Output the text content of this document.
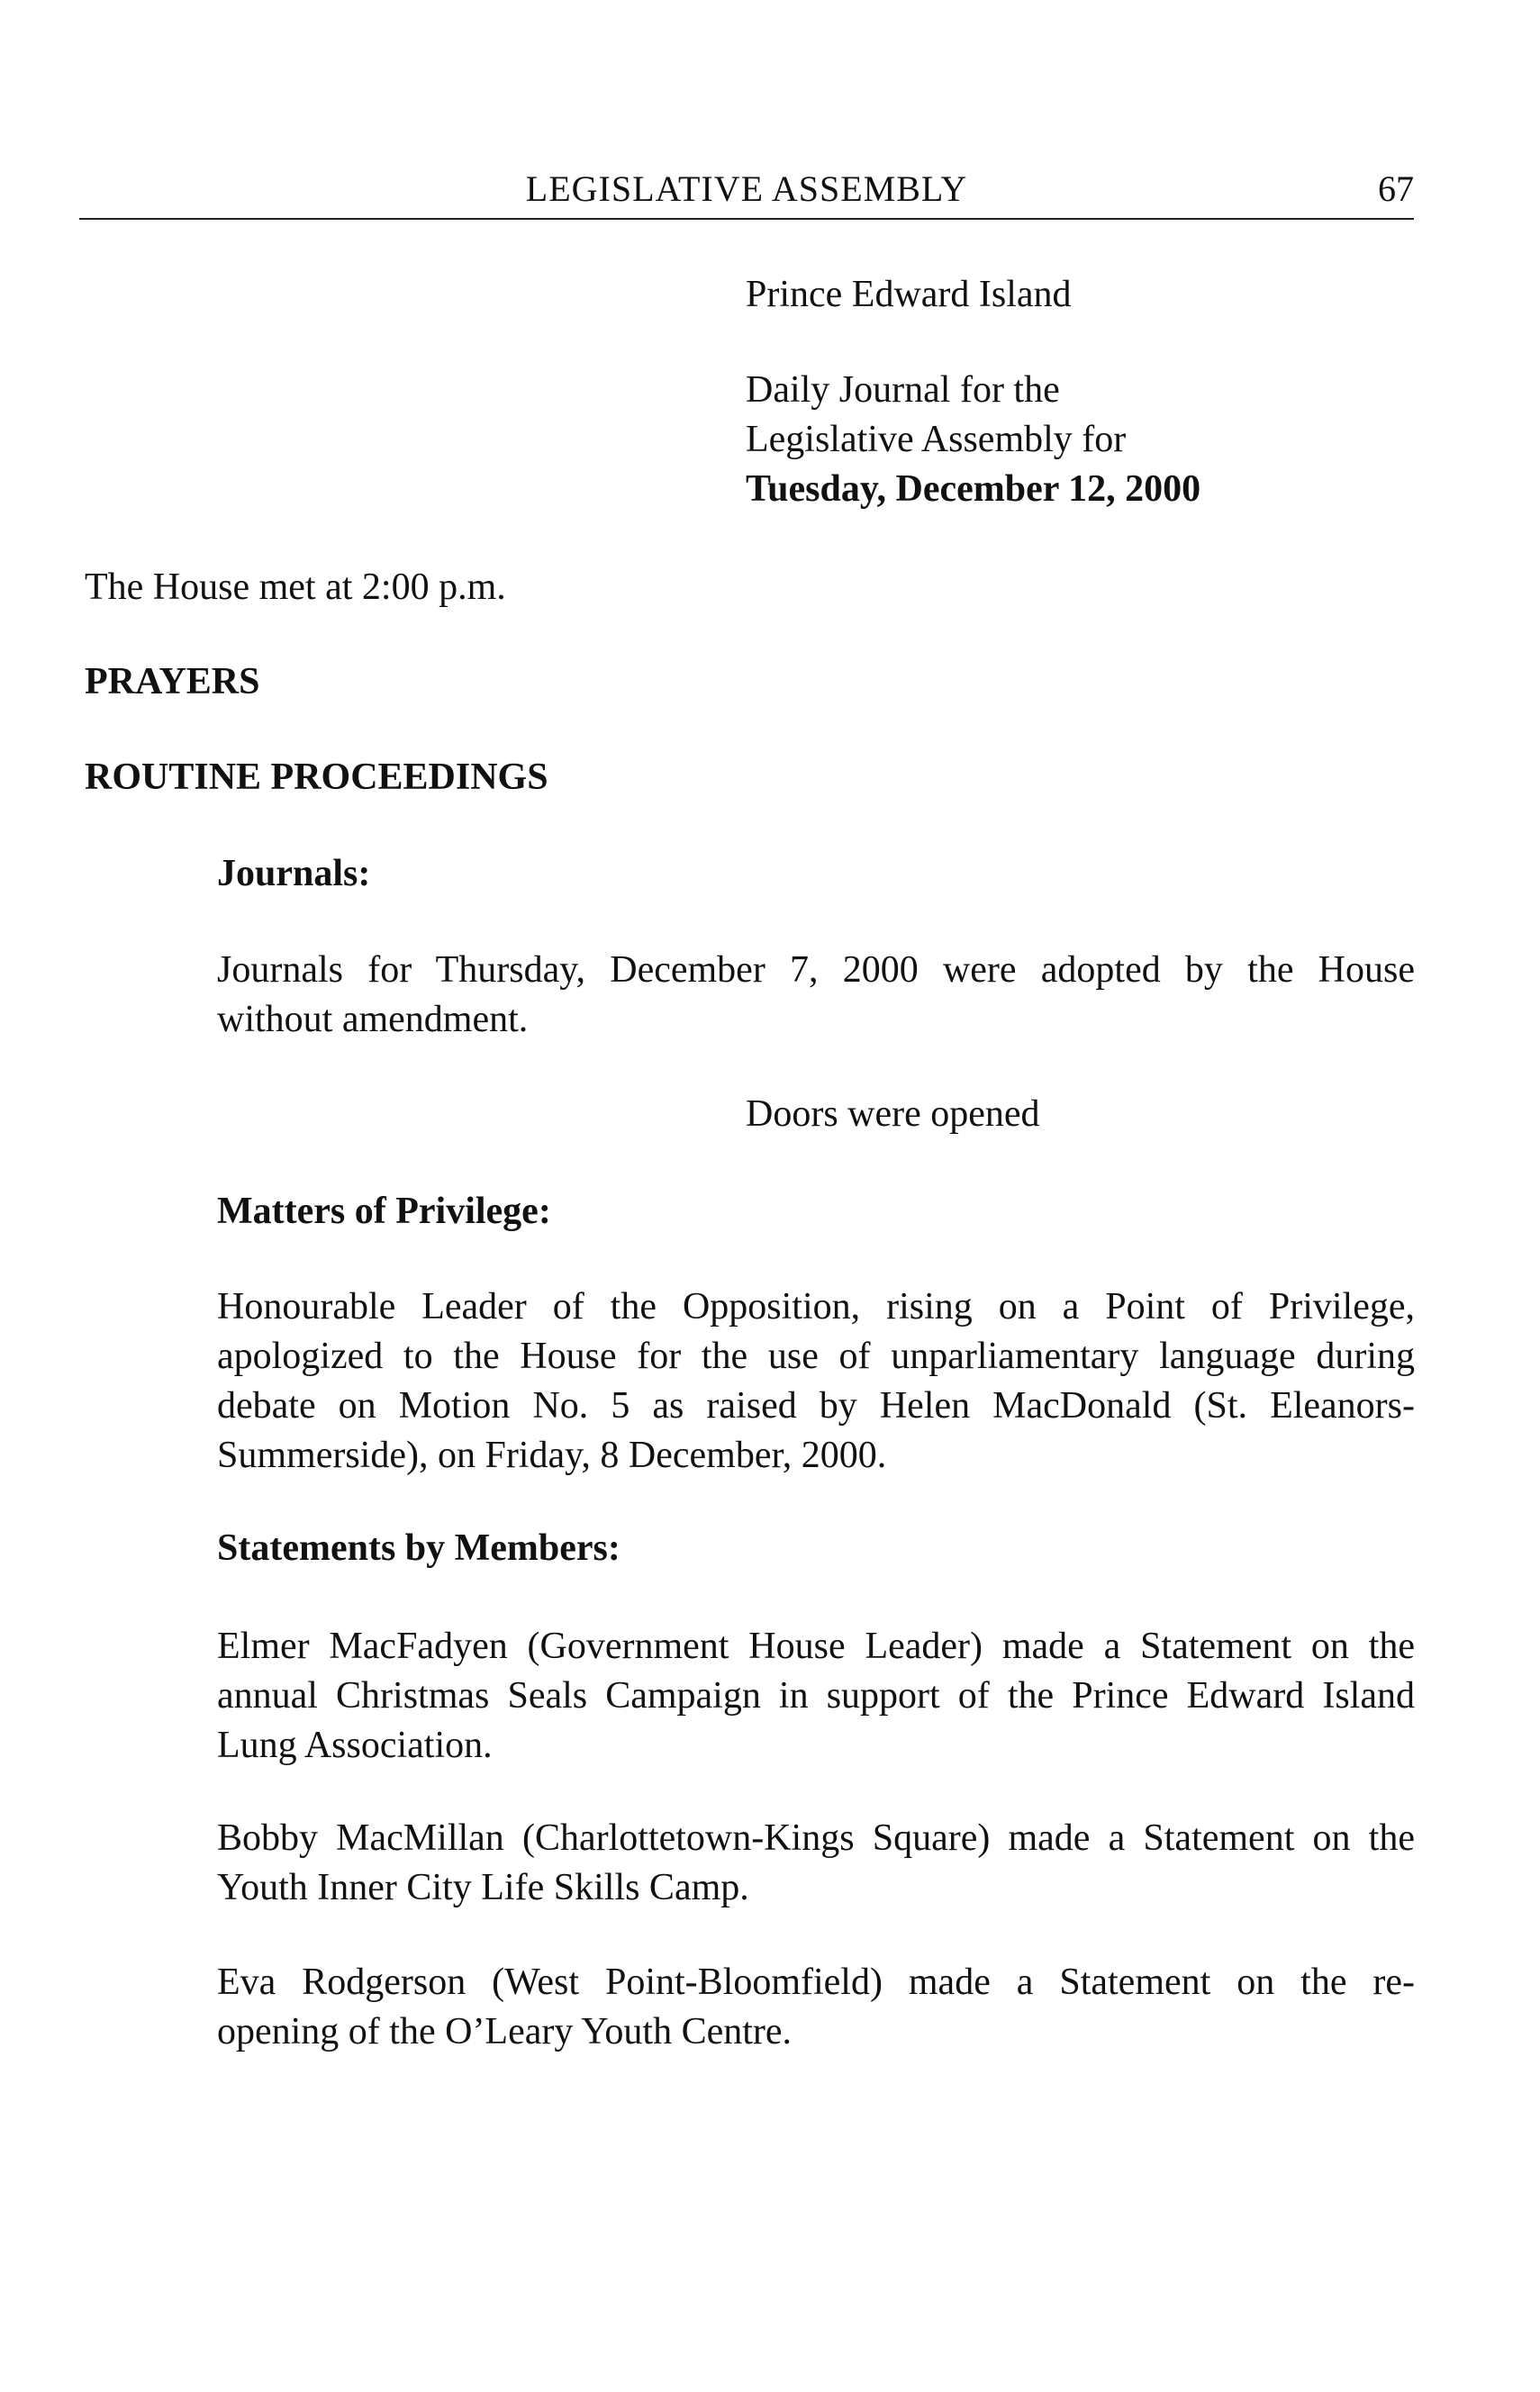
LEGISLATIVE ASSEMBLY	67
Prince Edward Island
Daily Journal for the
Legislative Assembly for
Tuesday, December 12, 2000
The House met at 2:00 p.m.
PRAYERS
ROUTINE PROCEEDINGS
Journals:
Journals for Thursday, December 7, 2000 were adopted by the House
without amendment.
Doors were opened
Matters of Privilege:
Honourable Leader of the Opposition, rising on a Point of Privilege,
apologized to the House for the use of unparliamentary language during
debate on Motion No. 5 as raised by Helen MacDonald (St. Eleanors-
Summerside), on Friday, 8 December, 2000.
Statements by Members:
Elmer MacFadyen (Government House Leader) made a Statement on the
annual Christmas Seals Campaign in support of the Prince Edward Island
Lung Association.
Bobby MacMillan (Charlottetown-Kings Square) made a Statement on the
Youth Inner City Life Skills Camp.
Eva Rodgerson (West Point-Bloomfield) made a Statement on the re-
opening of the O’Leary Youth Centre.
